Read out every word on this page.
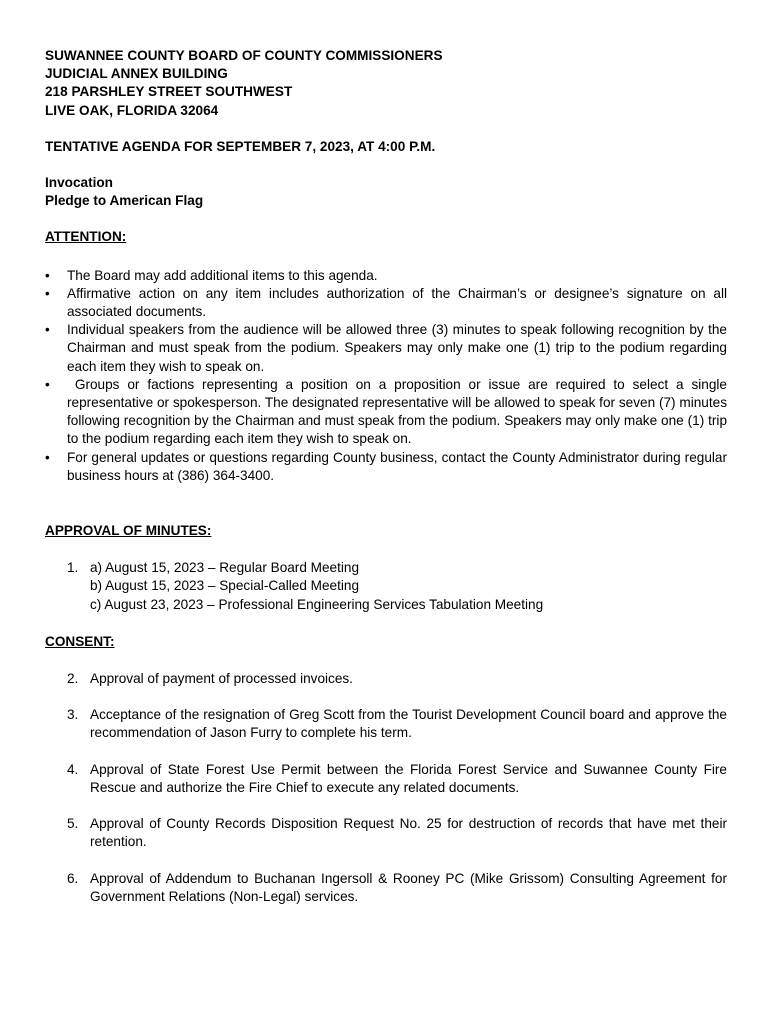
SUWANNEE COUNTY BOARD OF COUNTY COMMISSIONERS
JUDICIAL ANNEX BUILDING
218 PARSHLEY STREET SOUTHWEST
LIVE OAK, FLORIDA 32064
TENTATIVE AGENDA FOR SEPTEMBER 7, 2023, AT 4:00 P.M.
Invocation
Pledge to American Flag
ATTENTION:
• The Board may add additional items to this agenda.
• Affirmative action on any item includes authorization of the Chairman’s or designee’s signature on all associated documents.
• Individual speakers from the audience will be allowed three (3) minutes to speak following recognition by the Chairman and must speak from the podium. Speakers may only make one (1) trip to the podium regarding each item they wish to speak on.
• Groups or factions representing a position on a proposition or issue are required to select a single representative or spokesperson. The designated representative will be allowed to speak for seven (7) minutes following recognition by the Chairman and must speak from the podium. Speakers may only make one (1) trip to the podium regarding each item they wish to speak on.
• For general updates or questions regarding County business, contact the County Administrator during regular business hours at (386) 364-3400.
APPROVAL OF MINUTES:
1. a) August 15, 2023 – Regular Board Meeting
b) August 15, 2023 – Special-Called Meeting
c) August 23, 2023 – Professional Engineering Services Tabulation Meeting
CONSENT:
2. Approval of payment of processed invoices.
3. Acceptance of the resignation of Greg Scott from the Tourist Development Council board and approve the recommendation of Jason Furry to complete his term.
4. Approval of State Forest Use Permit between the Florida Forest Service and Suwannee County Fire Rescue and authorize the Fire Chief to execute any related documents.
5. Approval of County Records Disposition Request No. 25 for destruction of records that have met their retention.
6. Approval of Addendum to Buchanan Ingersoll & Rooney PC (Mike Grissom) Consulting Agreement for Government Relations (Non-Legal) services.
